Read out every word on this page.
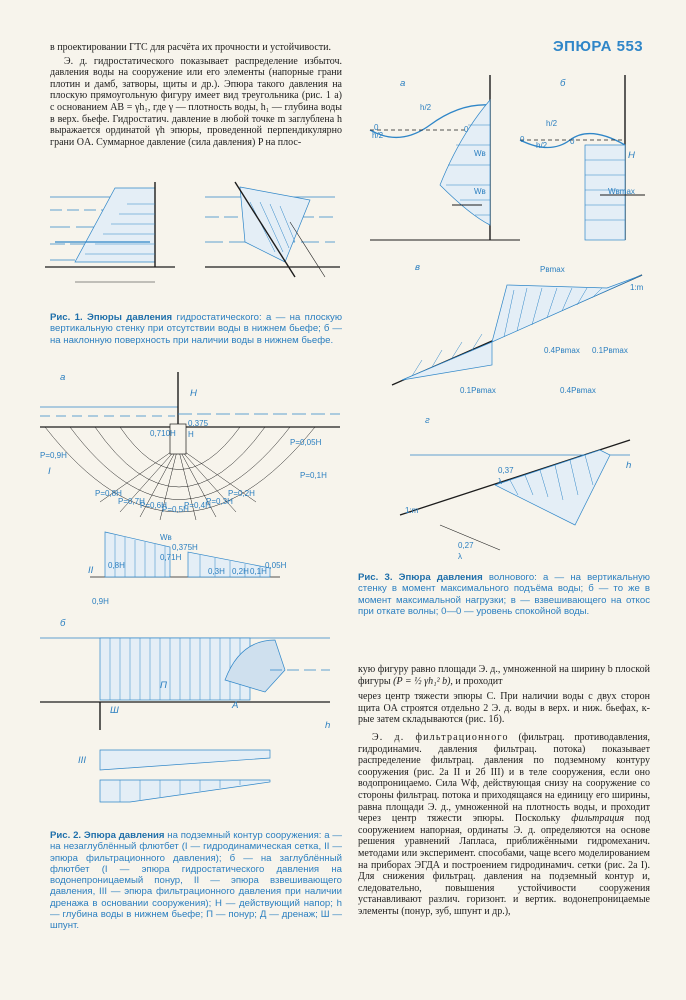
ЭПЮРА 553

в проектировании ГТС для расчёта их прочности и устойчивости.

Э. д. гидростатического показывает распределение избыточ. давления воды на сооружение или его элементы (напорные грани плотин и дамб, затворы, щиты и др.). Эпюра такого давления на плоскую прямоугольную фигуру имеет вид треугольника (рис. 1 а) с основанием AB = γh₁, где γ — плотность воды, h₁ — глубина воды в верх. бьефе. Гидростатич. давление в любой точке m заглублена h выражается ординатой γh эпюры, проведенной перпендикулярно грани OA. Суммарное давление (сила давления) P на плос-

Рис. 1. Эпюры давления гидростатического: а — на плоскую вертикальную стенку при отсутствии воды в нижнем бьефе; б — на наклонную поверхность при наличии воды в нижнем бьефе.
а
H
0,710H
0,375 H
P=0,05H
P=0,1H
P=0,9H
I
P=0,8H
P=0,7H
P=0,6H
P=0,5H
P=0,4H
P=0,3H
P=0,2H
II 0,8H
0,71H
0,375H
0,3H 0,2H 0,1H
0,05H
0,9H
Wв
б
Ш	А
П
h
III
Рис. 2. Эпюра давления на подземный контур сооружения: а — на незаглублённый флютбет (I — гидродинамическая сетка, II — эпюра фильтрационного давления); б — на заглублённый флютбет (I — эпюра гидростатического давления на водонепроницаемый понур, II — эпюра взвешивающего давления, III — эпюра фильтрационного давления при наличии дренажа в основании сооружения); H — действующий напор; h — глубина воды в нижнем бьефе; П — понур; Д — дренаж; Ш — шпунт.
а	б
h/2
h/2
h/2
h/2
0	0
0	0
Wв
Wв	Wвmax
H
в	Pвmax
1:m
0.4Pвmax 0.1Pвmax
0.1Pвmax	0.4Pвmax
г
h
0,37 λ
1:m
0,27 λ
Рис. 3. Эпюра давления волнового: а — на вертикальную стенку в момент максимального подъёма воды; б — то же в момент максимальной нагрузки; в — взвешивающего на откос при откате волны; 0—0 — уровень спокойной воды.

кую фигуру равно площади Э. д., умноженной на ширину b плоской фигуры (P = ½ γh₁² b), и проходит

через центр тяжести эпюры С. При наличии воды с двух сторон щита OA строятся отдельно 2 Э. д. воды в верх. и ниж. бьефах, к-рые затем складываются (рис. 1б).

Э. д. фильтрационного (фильтрац. противодавления, гидродинамич. давления фильтрац. потока) показывает распределение фильтрац. давления по подземному контуру сооружения (рис. 2а II и 2б III) и в теле сооружения, если оно водопроницаемо. Сила Wф, действующая снизу на сооружение со стороны фильтрац. потока и приходящаяся на единицу его ширины, равна площади Э. д., умноженной на плотность воды, и проходит через центр тяжести эпюры. Поскольку фильтрация под сооружением напорная, ординаты Э. д. определяются на основе решения уравнений Лапласа, приближёнными гидромеханич. методами или эксперимент. способами, чаще всего моделированием на приборах ЭГДА и построением гидродинамич. сетки (рис. 2а I). Для снижения фильтрац. давления на подземный контур и, следовательно, повышения устойчивости сооружения устанавливают различ. горизонт. и вертик. водонепроницаемые элементы (понур, зуб, шпунт и др.),
